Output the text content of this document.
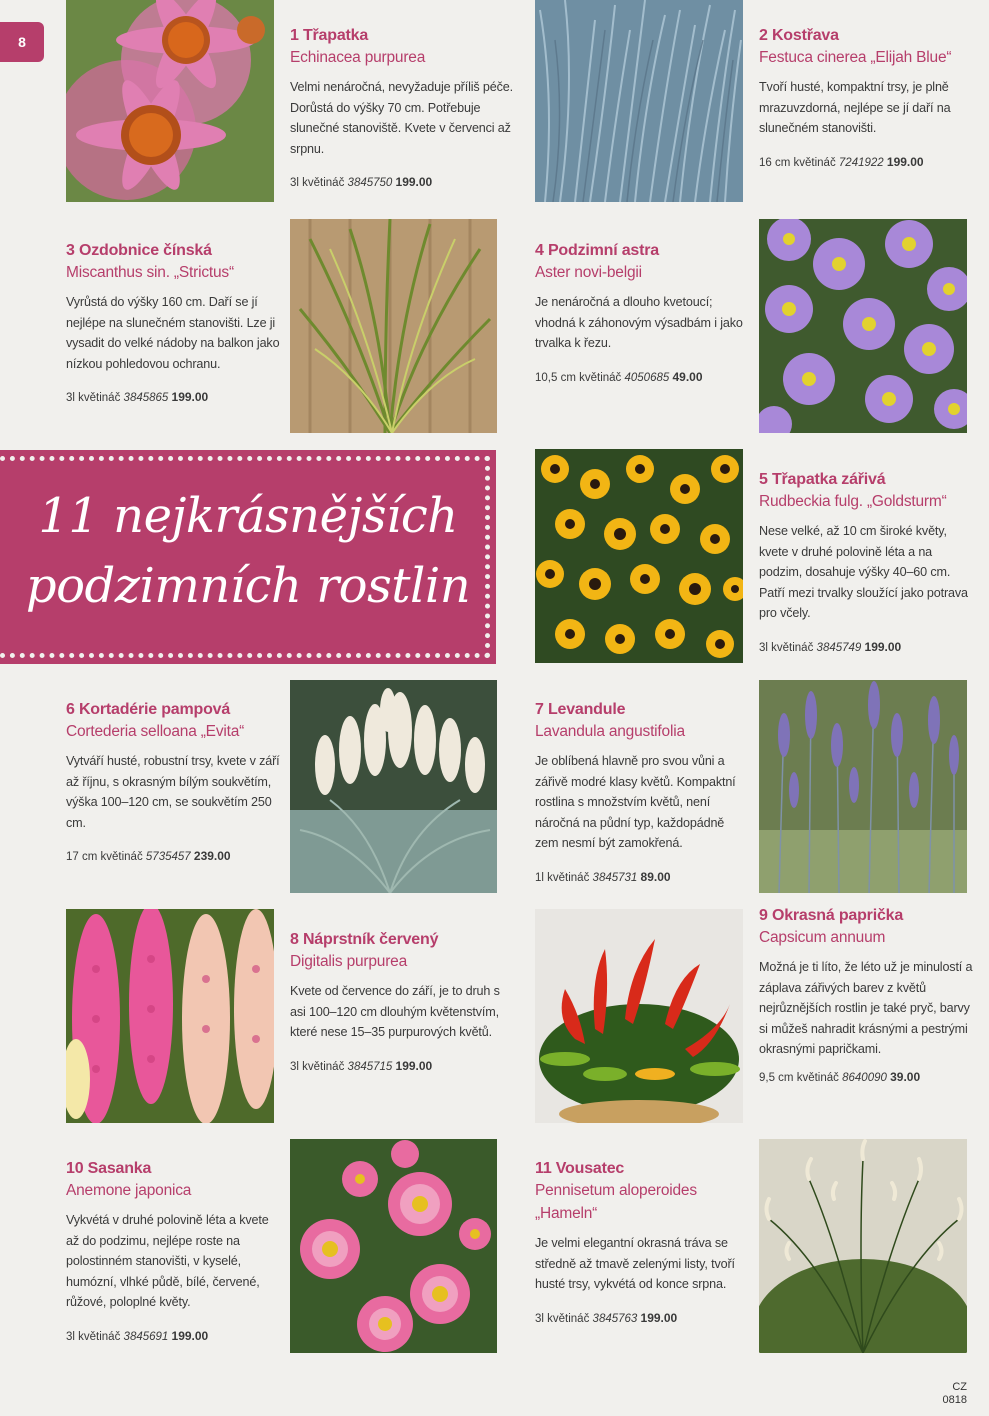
8	1 Třapatka
Echinacea purpurea
Velmi nenáročná, nevyžaduje příliš péče. Dorůstá do výšky 70 cm. Potřebuje slunečné stanoviště. Kvete v červenci až srpnu.
3l květináč 3845750 199.00
2 Kostřava
Festuca cinerea „Elijah Blue“
Tvoří husté, kompaktní trsy, je plně mrazuvzdorná, nejlépe se jí daří na slunečném stanovišti.
16 cm květináč 7241922 199.00
3 Ozdobnice čínská
Miscanthus sin. „Strictus“
Vyrůstá do výšky 160 cm. Daří se jí nejlépe na slunečném stanovišti. Lze ji vysadit do velké nádoby na balkon jako nízkou pohledovou ochranu.
3l květináč 3845865 199.00
4 Podzimní astra
Aster novi-belgii
Je nenáročná a dlouho kvetoucí; vhodná k záhonovým výsadbám i jako trvalka k řezu.
10,5 cm květináč 4050685 49.00
5 Třapatka zářivá
Rudbeckia fulg. „Goldsturm“
Nese velké, až 10 cm široké květy, kvete v druhé polovině léta a na podzim, dosahuje výšky 40–60 cm. Patří mezi trvalky sloužící jako potrava pro včely.
3l květináč 3845749 199.00
6 Kortadérie pampová
Cortederia selloana „Evita“
Vytváří husté, robustní trsy, kvete v září až říjnu, s okrasným bílým soukvětím, výška 100–120 cm, se soukvětím 250 cm.
17 cm květináč 5735457 239.00
7 Levandule
Lavandula angustifolia
Je oblíbená hlavně pro svou vůni a zářivě modré klasy květů. Kompaktní rostlina s množstvím květů, není náročná na půdní typ, každopádně zem nesmí být zamokřená.
1l květináč 3845731 89.00
8 Náprstník červený
Digitalis purpurea
Kvete od července do září, je to druh s asi 100–120 cm dlouhým květenstvím, které nese 15–35 purpurových květů.
3l květináč 3845715 199.00
9 Okrasná paprička
Capsicum annuum
Možná je ti líto, že léto už je minulostí a záplava zářivých barev z květů nejrůznějších rostlin je také pryč, barvy si můžeš nahradit krásnými a pestrými okrasnými papričkami.
9,5 cm květináč 8640090 39.00
10 Sasanka
Anemone japonica
Vykvétá v druhé polovině léta a kvete až do podzimu, nejlépe roste na polostinném stanovišti, v kyselé, humózní, vlhké půdě, bílé, červené, růžové, poloplné květy.
3l květináč 3845691 199.00
11 Vousatec
Pennisetum aloperoides „Hameln“
Je velmi elegantní okrasná tráva se středně až tmavě zelenými listy, tvoří husté trsy, vykvétá od konce srpna.
3l květináč 3845763 199.00
11 nejkrásnějších
podzimních rostlin
CZ
0818
